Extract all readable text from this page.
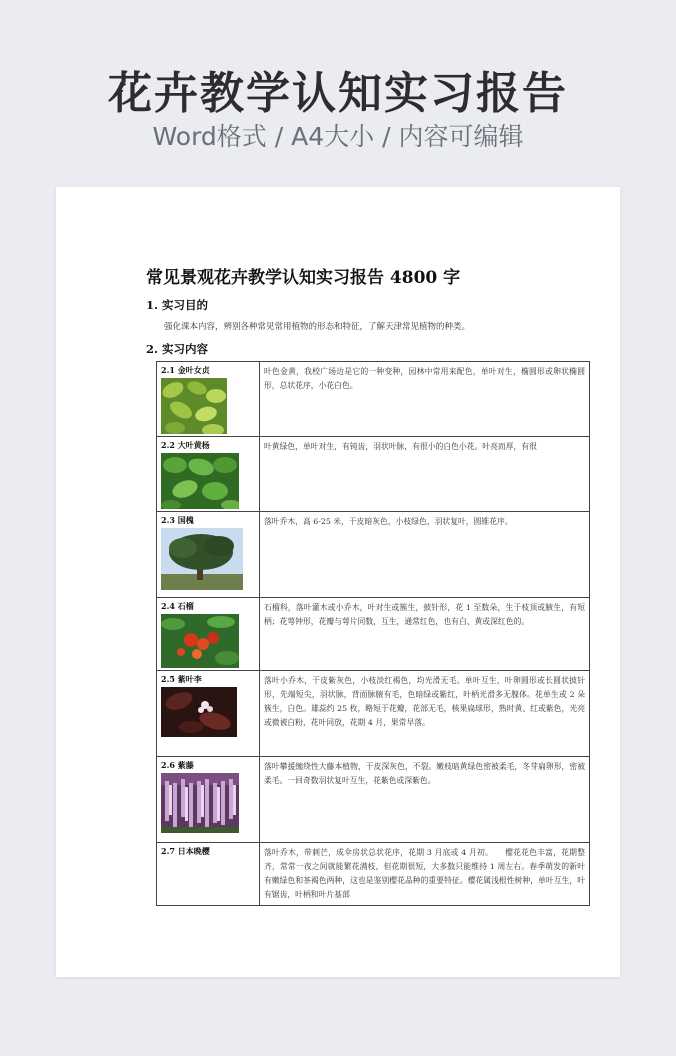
花卉教学认知实习报告
Word格式 / A4大小 / 内容可编辑
常见景观花卉教学认知实习报告 4800 字
1. 实习目的
强化课本内容，辨别各种常见常用植物的形态和特征，了解天津常见植物的种类。
2. 实习内容
2.1 金叶女贞	叶色金黄，我校广场边是它的一种变种，园林中常用来配色，单叶对生，椭圆形或卵状椭圆形，总状花序，小花白色。

2.2 大叶黄杨	叶黄绿色，单叶对生，有钝齿，羽状叶脉，有很小的白色小花。叶亮而厚，有很

2.3 国槐	落叶乔木，高 6-25 米，干皮暗灰色，小枝绿色，羽状复叶，圆锥花序。

2.4 石榴	石榴科，落叶灌木或小乔木，叶对生或簇生，披针形，花 1 至数朵，生于枝顶或腋生，有短柄；花萼钟形，花瓣与萼片同数，互生，通常红色，也有白、黄或深红色的。

2.5 紫叶李	落叶小乔木，干皮紫灰色，小枝淡红褐色，均光滑无毛。单叶互生，叶卵圆形或长圆状披针形，先端短尖，羽状脉，背面脉腋有毛，色暗绿或紫红，叶柄光滑多无腺体。花单生或 2 朵簇生，白色。雄蕊约 25 枚，略短于花瓣，花部无毛，核果扁球形，熟时黄、红或紫色，光亮或微被白粉，花叶同放，花期 4 月，果常早落。

2.6 紫藤	落叶攀援缠绕性大藤本植物，干皮深灰色，不裂。嫩枝暗黄绿色密被柔毛，冬芽扁卵形，密被柔毛。一回奇数羽状复叶互生，花紫色或深紫色。

2.7 日本晚樱	落叶乔木，带刺芒，成伞房状总状花序，花期 3 月底或 4 月初。　　樱花花色丰富，花期整齐，常常一夜之间就能繁花满枝，但花期很短，大多数只能维持 1 周左右。春季萌发的新叶有嫩绿色和茶褐色两种，这也是鉴别樱花品种的重要特征。樱花属浅根性树种，单叶互生，叶有锯齿，叶柄和叶片基部
